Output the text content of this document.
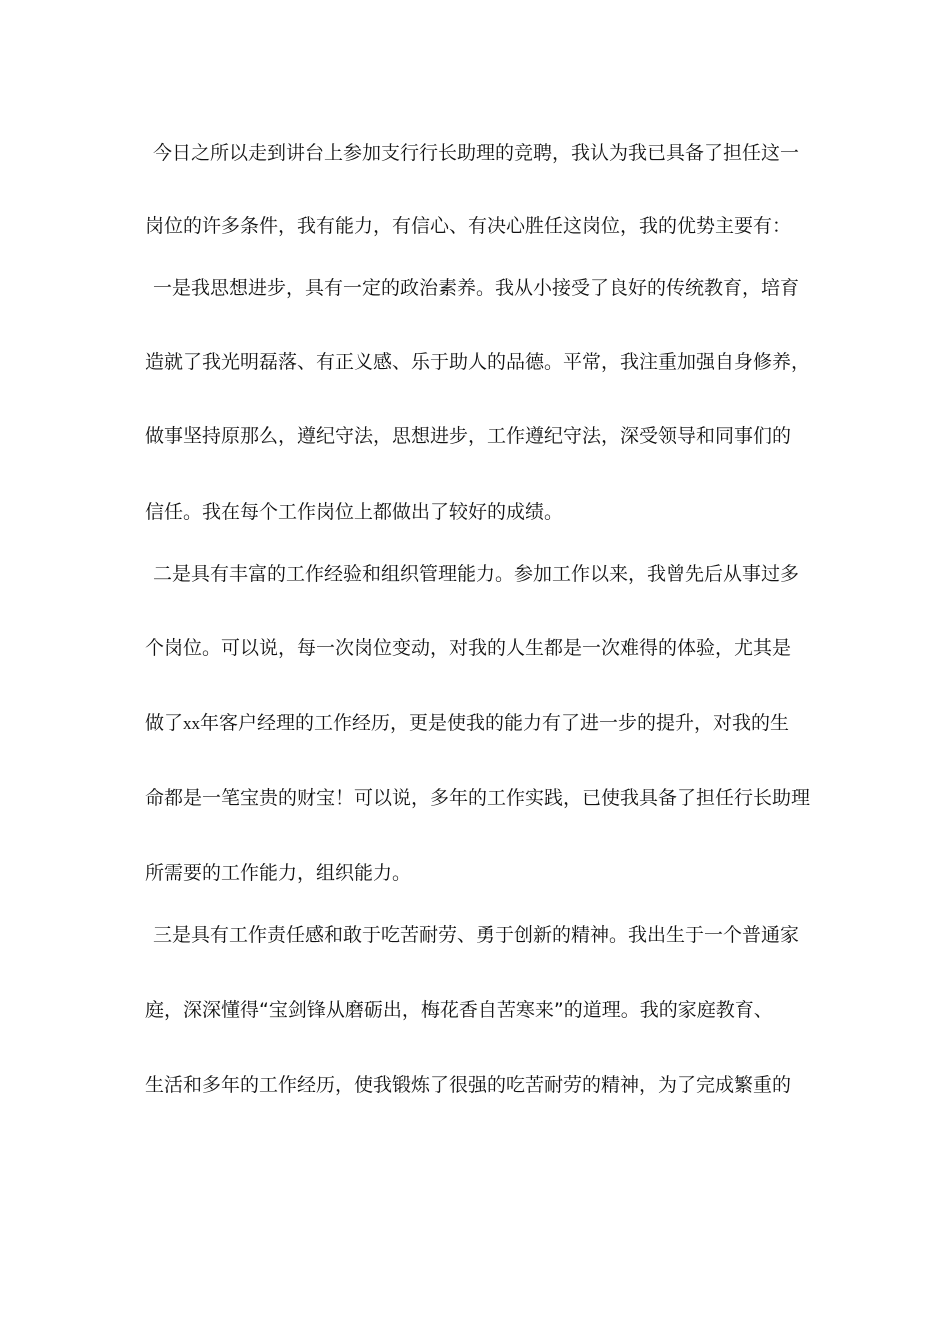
今日之所以走到讲台上参加支行行长助理的竞聘，我认为我已具备了担任这一
岗位的许多条件，我有能力，有信心、有决心胜任这岗位，我的优势主要有：
一是我思想进步，具有一定的政治素养。我从小接受了良好的传统教育，培育
造就了我光明磊落、有正义感、乐于助人的品德。平常，我注重加强自身修养，
做事坚持原那么，遵纪守法，思想进步，工作遵纪守法，深受领导和同事们的
信任。我在每个工作岗位上都做出了较好的成绩。
二是具有丰富的工作经验和组织管理能力。参加工作以来，我曾先后从事过多
个岗位。可以说，每一次岗位变动，对我的人生都是一次难得的体验，尤其是
做了xx年客户经理的工作经历，更是使我的能力有了进一步的提升，对我的生
命都是一笔宝贵的财宝！可以说，多年的工作实践，已使我具备了担任行长助理
所需要的工作能力，组织能力。
三是具有工作责任感和敢于吃苦耐劳、勇于创新的精神。我出生于一个普通家
庭，深深懂得“宝剑锋从磨砺出，梅花香自苦寒来”的道理。我的家庭教育、
生活和多年的工作经历，使我锻炼了很强的吃苦耐劳的精神，为了完成繁重的
